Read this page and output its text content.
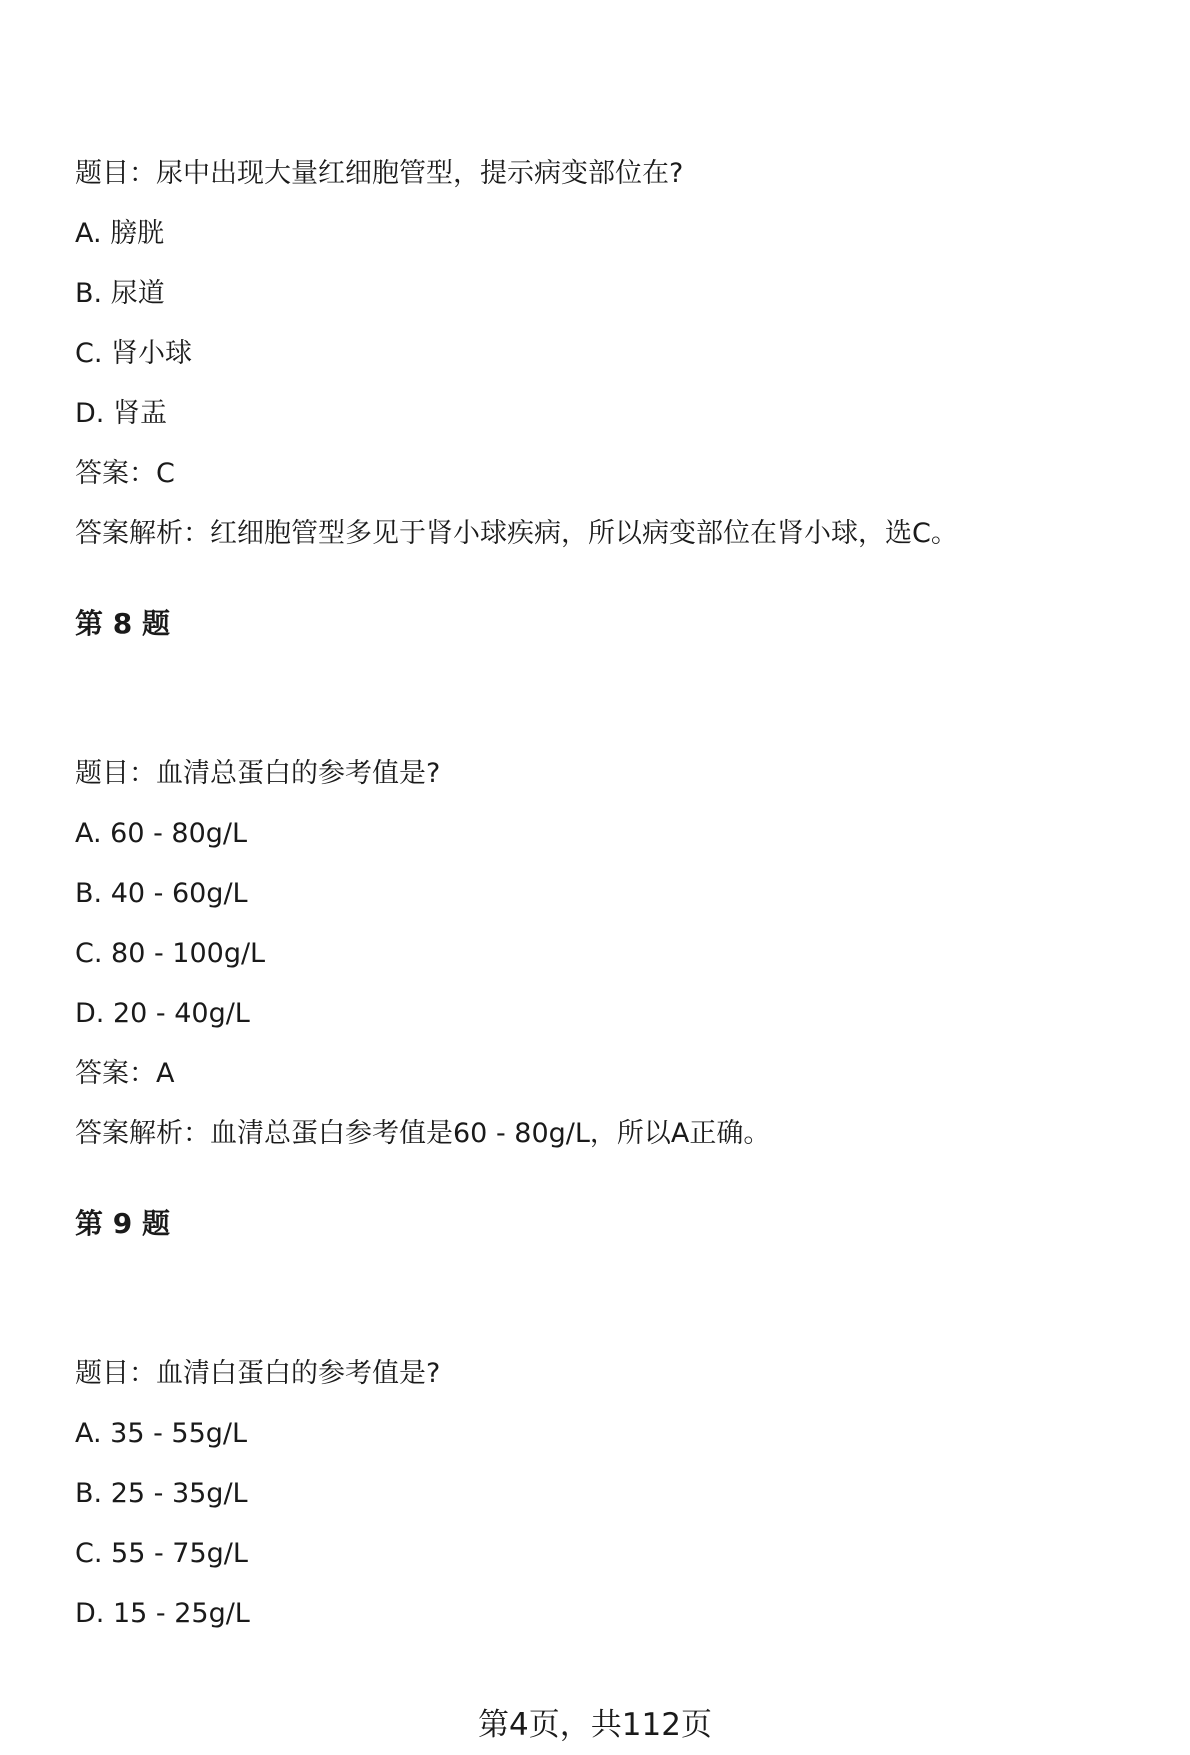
题目：尿中出现大量红细胞管型，提示病变部位在?
A. 膀胱
B. 尿道
C. 肾小球
D. 肾盂
答案：C
答案解析：红细胞管型多见于肾小球疾病，所以病变部位在肾小球，选C。
第 8 题
题目：血清总蛋白的参考值是?
A. 60 - 80g/L
B. 40 - 60g/L
C. 80 - 100g/L
D. 20 - 40g/L
答案：A
答案解析：血清总蛋白参考值是60 - 80g/L，所以A正确。
第 9 题
题目：血清白蛋白的参考值是?
A. 35 - 55g/L
B. 25 - 35g/L
C. 55 - 75g/L
D. 15 - 25g/L
第4页，共112页
